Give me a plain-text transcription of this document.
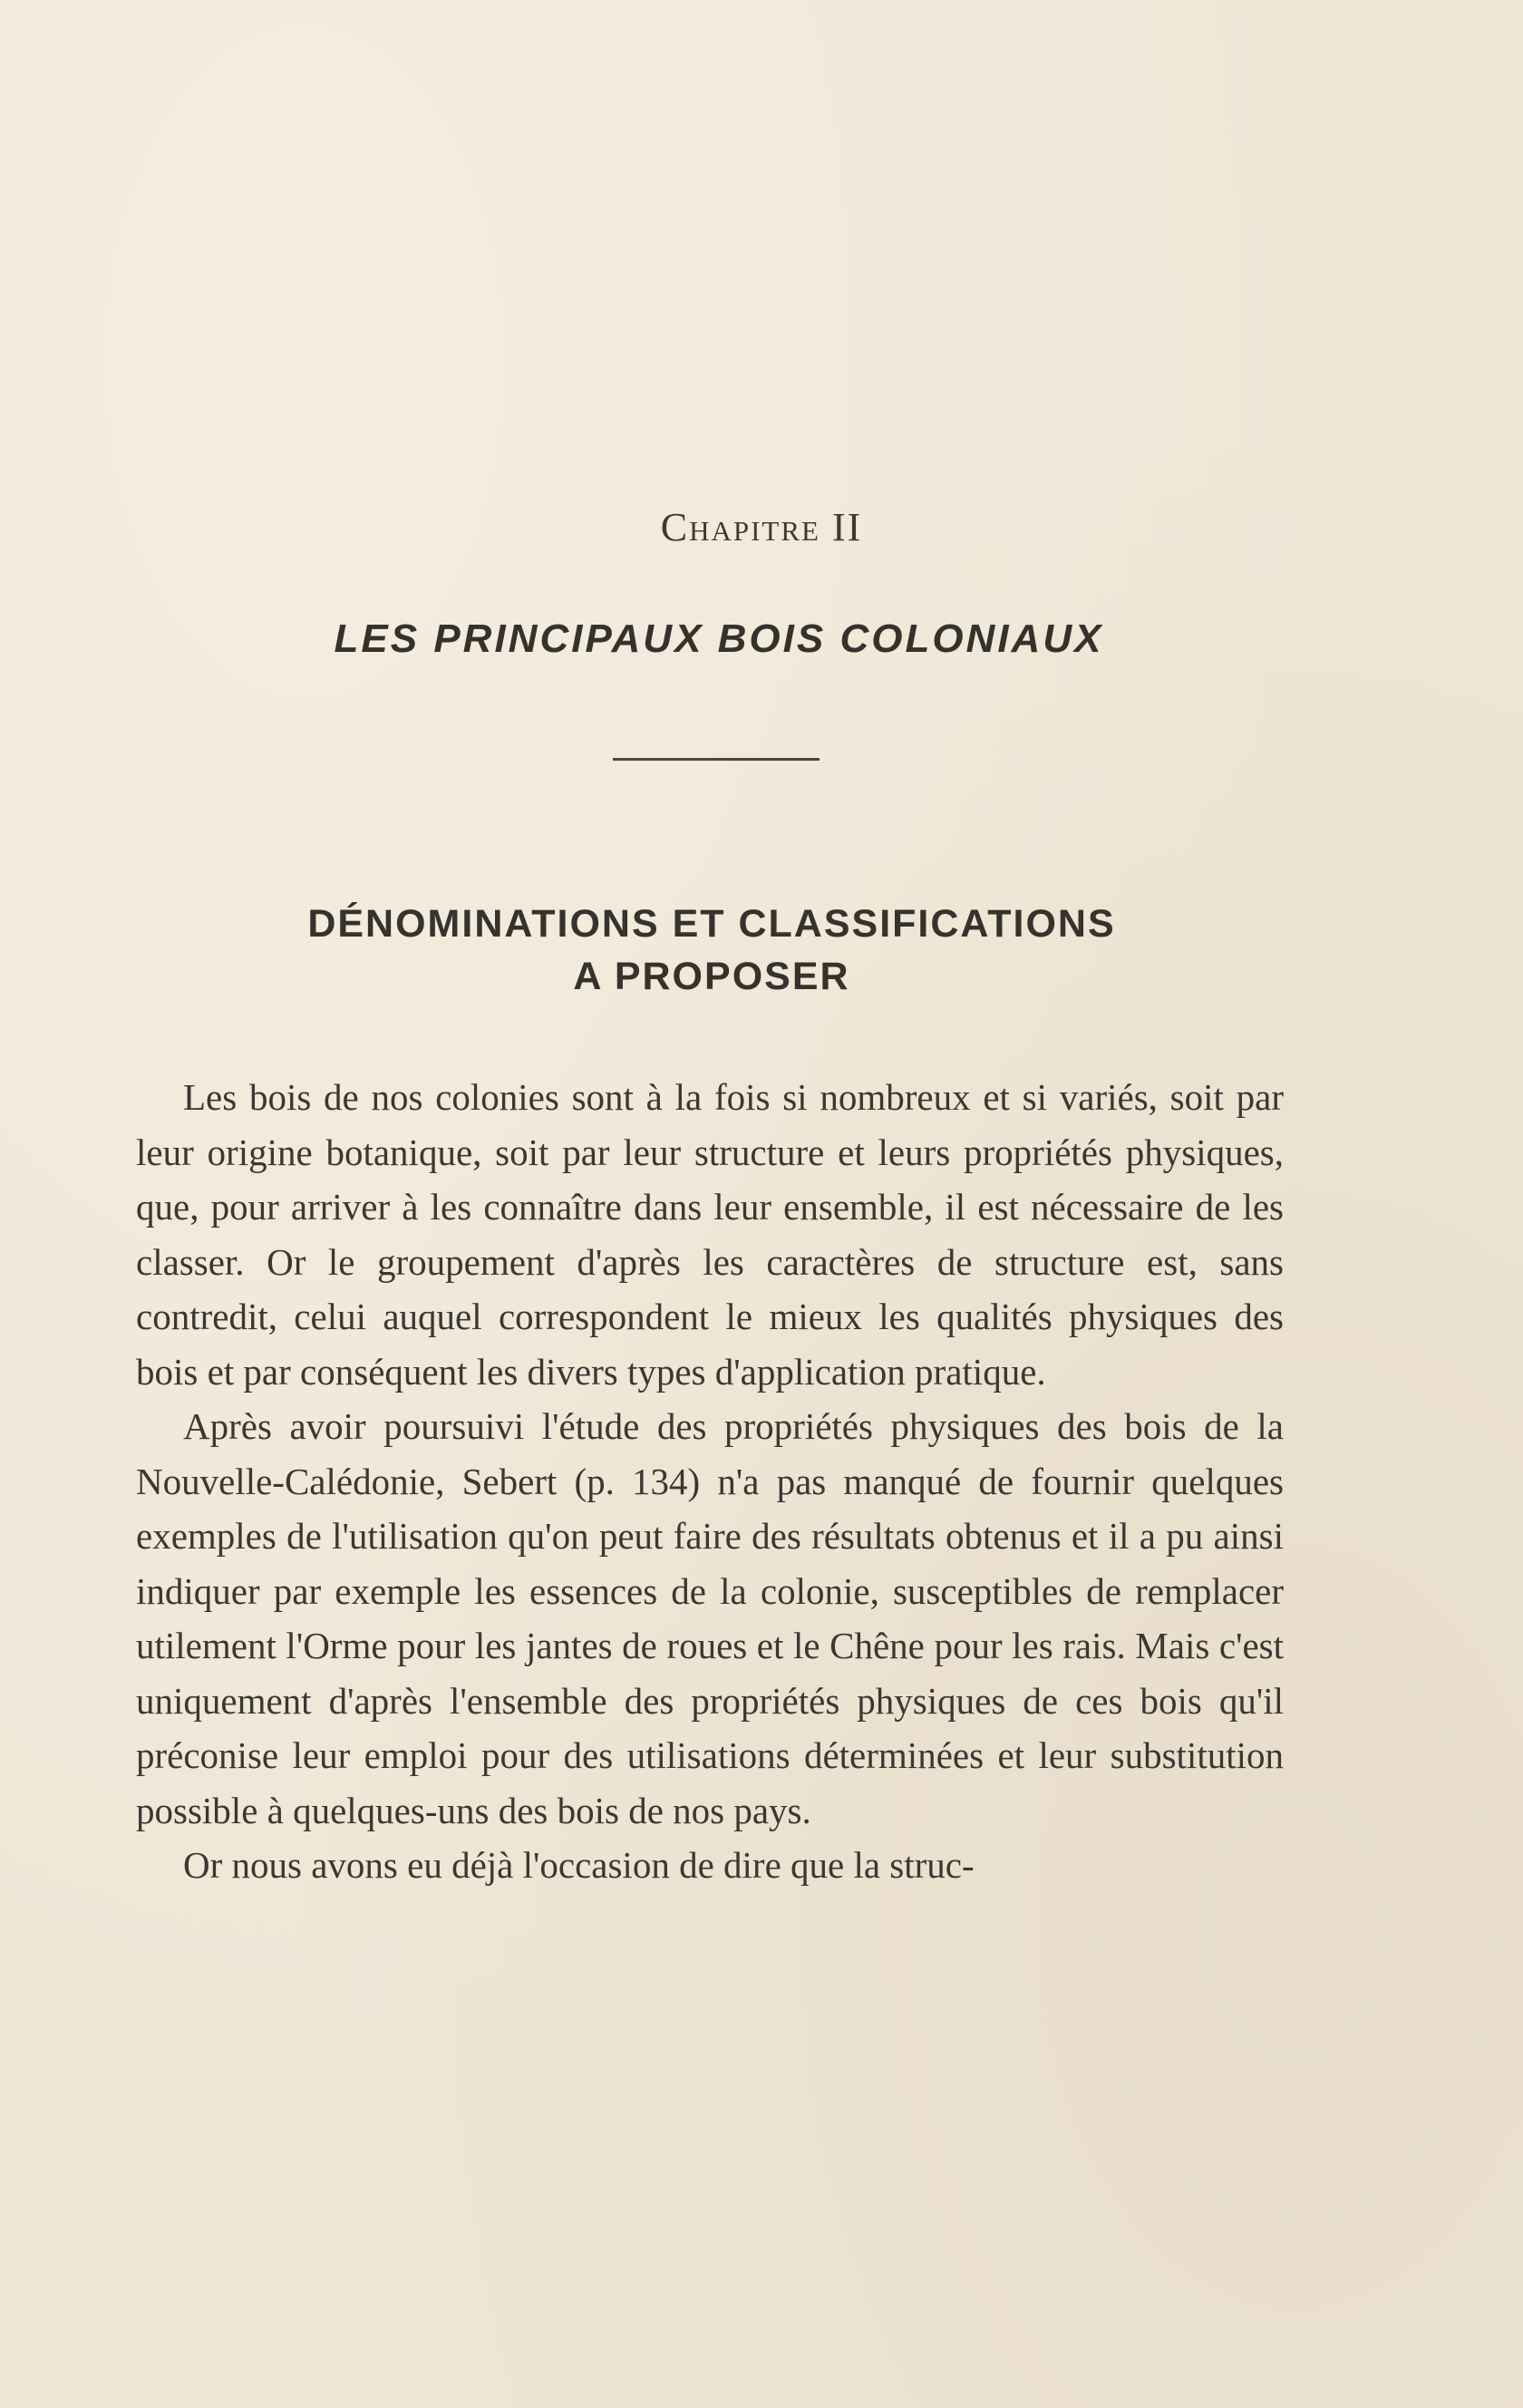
Chapitre II
LES PRINCIPAUX BOIS COLONIAUX
DÉNOMINATIONS ET CLASSIFICATIONS
A PROPOSER

Les bois de nos colonies sont à la fois si nombreux et si variés, soit par leur origine botanique, soit par leur structure et leurs propriétés physiques, que, pour arriver à les connaître dans leur ensemble, il est nécessaire de les classer. Or le groupement d'après les caractères de structure est, sans contredit, celui auquel correspondent le mieux les qualités physiques des bois et par conséquent les divers types d'application pratique.

Après avoir poursuivi l'étude des propriétés physiques des bois de la Nouvelle-Calédonie, Sebert (p. 134) n'a pas manqué de fournir quelques exemples de l'utilisation qu'on peut faire des résultats obtenus et il a pu ainsi indiquer par exemple les essences de la colonie, susceptibles de remplacer utilement l'Orme pour les jantes de roues et le Chêne pour les rais. Mais c'est uniquement d'après l'ensemble des propriétés physiques de ces bois qu'il préconise leur emploi pour des utilisations déterminées et leur substitution possible à quelques-uns des bois de nos pays.

Or nous avons eu déjà l'occasion de dire que la struc-
